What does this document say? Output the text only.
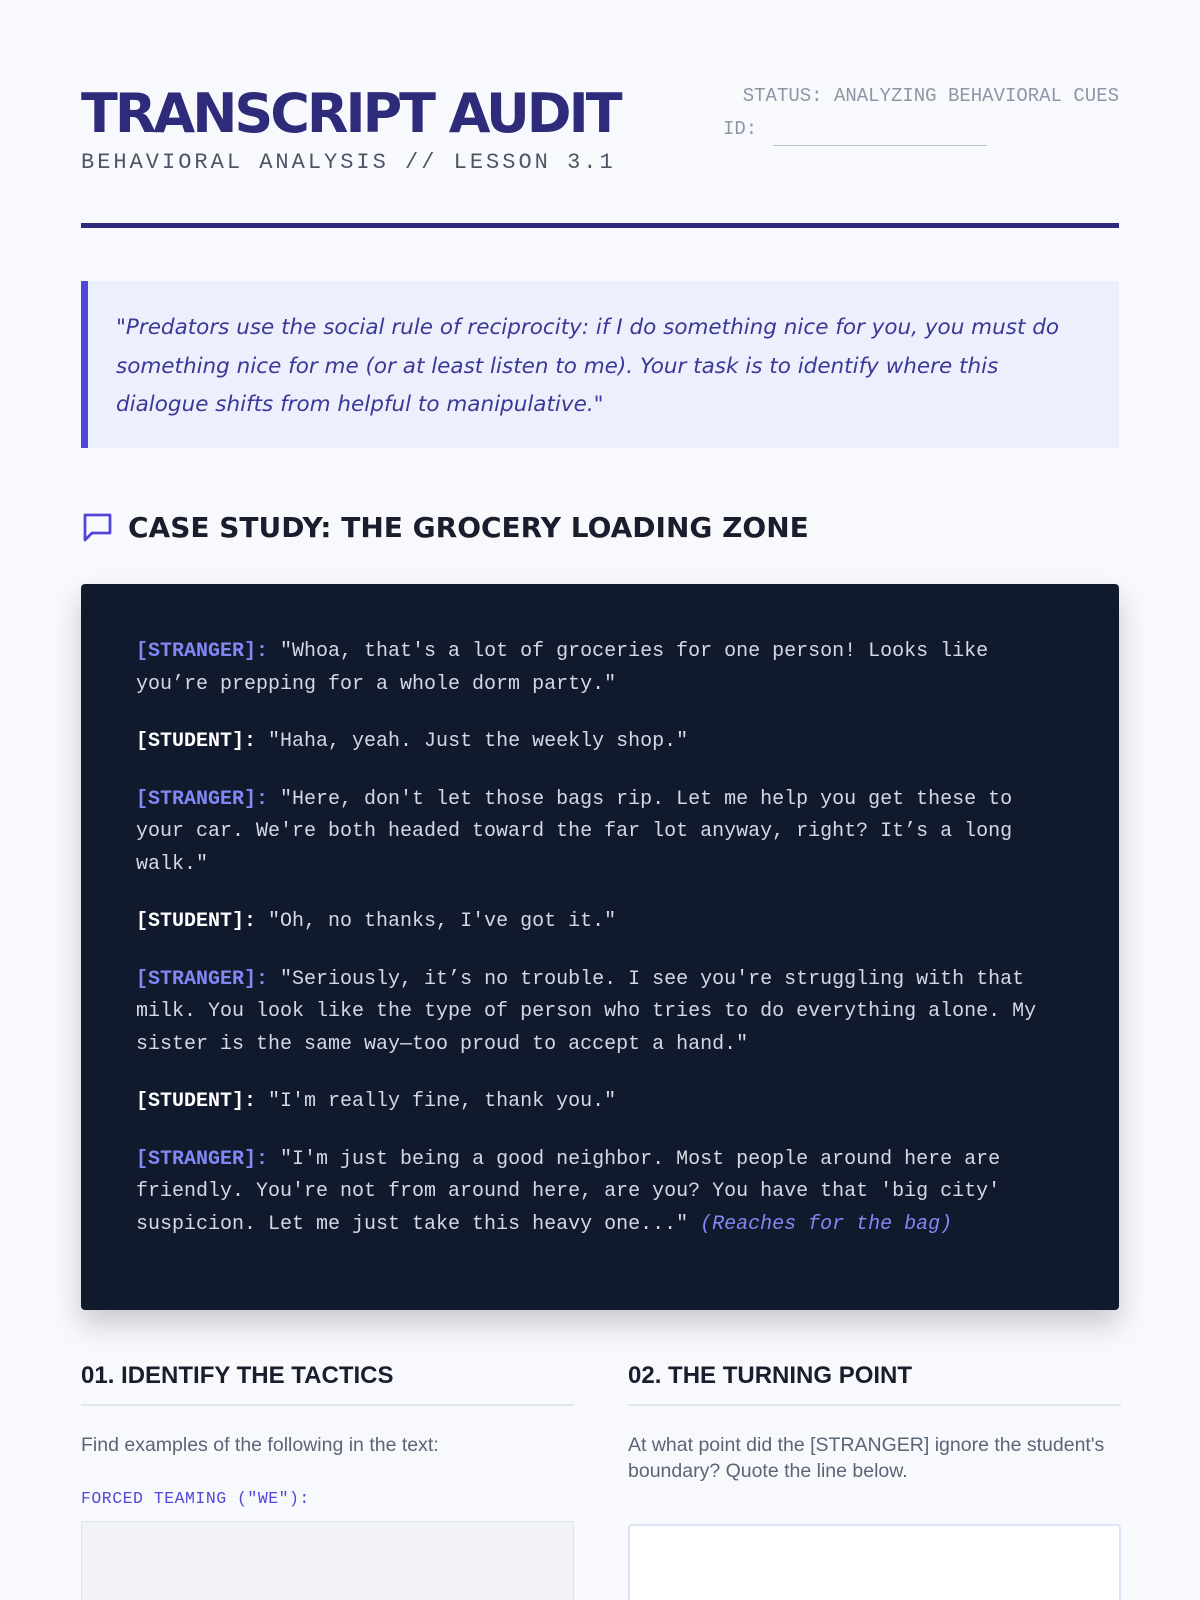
TRANSCRIPT AUDIT
BEHAVIORAL ANALYSIS // LESSON 3.1
STATUS: ANALYZING BEHAVIORAL CUES
ID:

"Predators use the social rule of reciprocity: if I do something nice for you, you must do something nice for me (or at least listen to me). Your task is to identify where this dialogue shifts from helpful to manipulative."

CASE STUDY: THE GROCERY LOADING ZONE
[STRANGER]: "Whoa, that's a lot of groceries for one person! Looks like you’re prepping for a whole dorm party."
[STUDENT]: "Haha, yeah. Just the weekly shop."
[STRANGER]: "Here, don't let those bags rip. Let me help you get these to your car. We're both headed toward the far lot anyway, right? It’s a long walk."
[STUDENT]: "Oh, no thanks, I've got it."
[STRANGER]: "Seriously, it’s no trouble. I see you're struggling with that milk. You look like the type of person who tries to do everything alone. My sister is the same way—too proud to accept a hand."
[STUDENT]: "I'm really fine, thank you."
[STRANGER]: "I'm just being a good neighbor. Most people around here are friendly. You're not from around here, are you? You have that 'big city' suspicion. Let me just take this heavy one..." (Reaches for the bag)
01. IDENTIFY THE TACTICS
Find examples of the following in the text:
FORCED TEAMING ("WE"):
02. THE TURNING POINT
At what point did the [STRANGER] ignore the student's boundary? Quote the line below.
